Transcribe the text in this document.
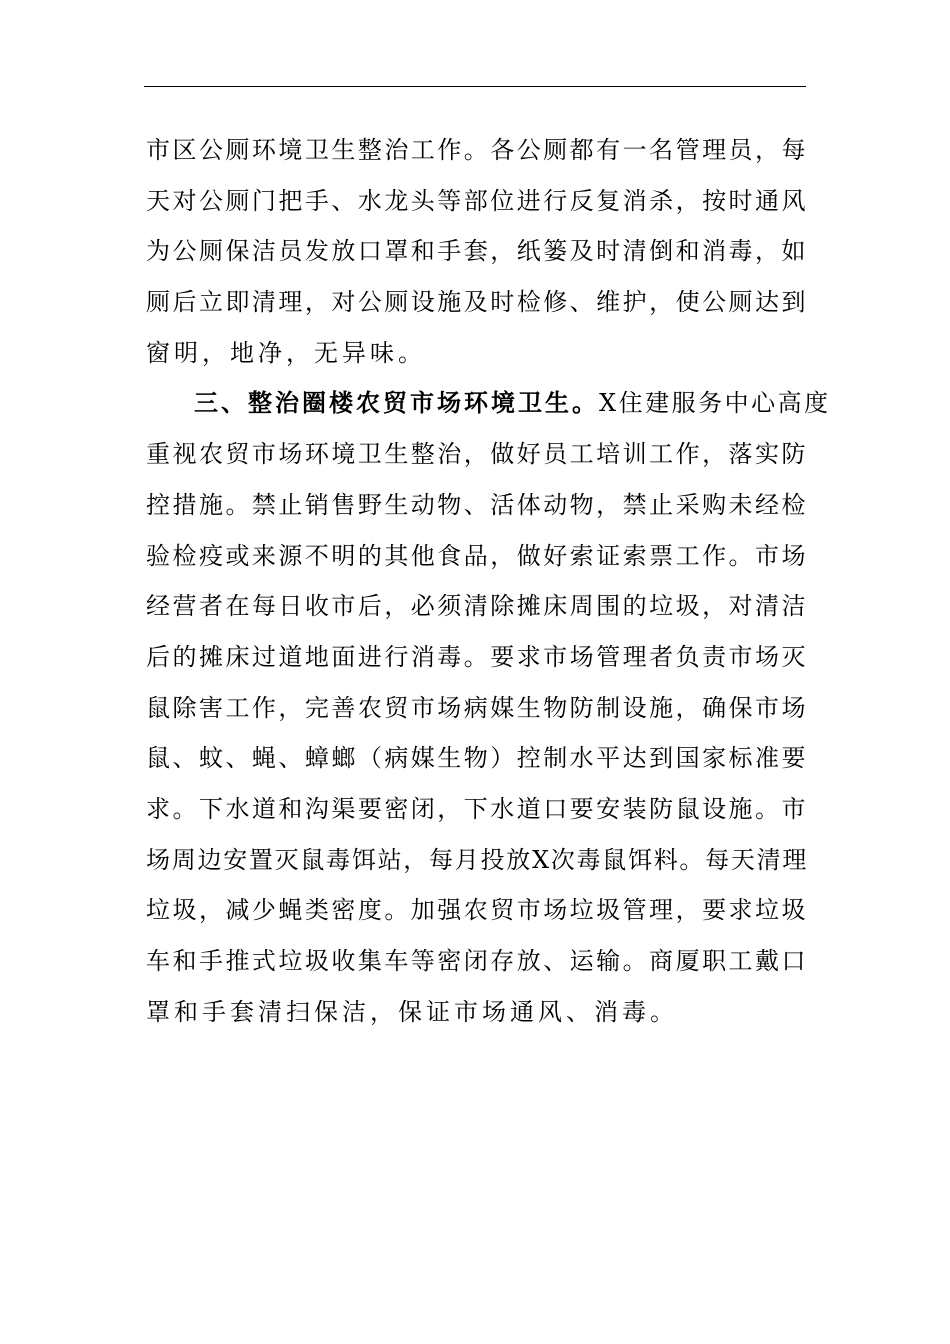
市区公厕环境卫生整治工作。各公厕都有一名管理员，每
天对公厕门把手、水龙头等部位进行反复消杀，按时通风
为公厕保洁员发放口罩和手套，纸篓及时清倒和消毒，如
厕后立即清理，对公厕设施及时检修、维护，使公厕达到
窗明，地净，无异味。
三、整治圈楼农贸市场环境卫生。X住建服务中心高度
重视农贸市场环境卫生整治，做好员工培训工作，落实防
控措施。禁止销售野生动物、活体动物，禁止采购未经检
验检疫或来源不明的其他食品，做好索证索票工作。市场
经营者在每日收市后，必须清除摊床周围的垃圾，对清洁
后的摊床过道地面进行消毒。要求市场管理者负责市场灭
鼠除害工作，完善农贸市场病媒生物防制设施，确保市场
鼠、蚊、蝇、蟑螂（病媒生物）控制水平达到国家标准要
求。下水道和沟渠要密闭，下水道口要安装防鼠设施。市
场周边安置灭鼠毒饵站，每月投放X次毒鼠饵料。每天清理
垃圾，减少蝇类密度。加强农贸市场垃圾管理，要求垃圾
车和手推式垃圾收集车等密闭存放、运输。商厦职工戴口
罩和手套清扫保洁，保证市场通风、消毒。
